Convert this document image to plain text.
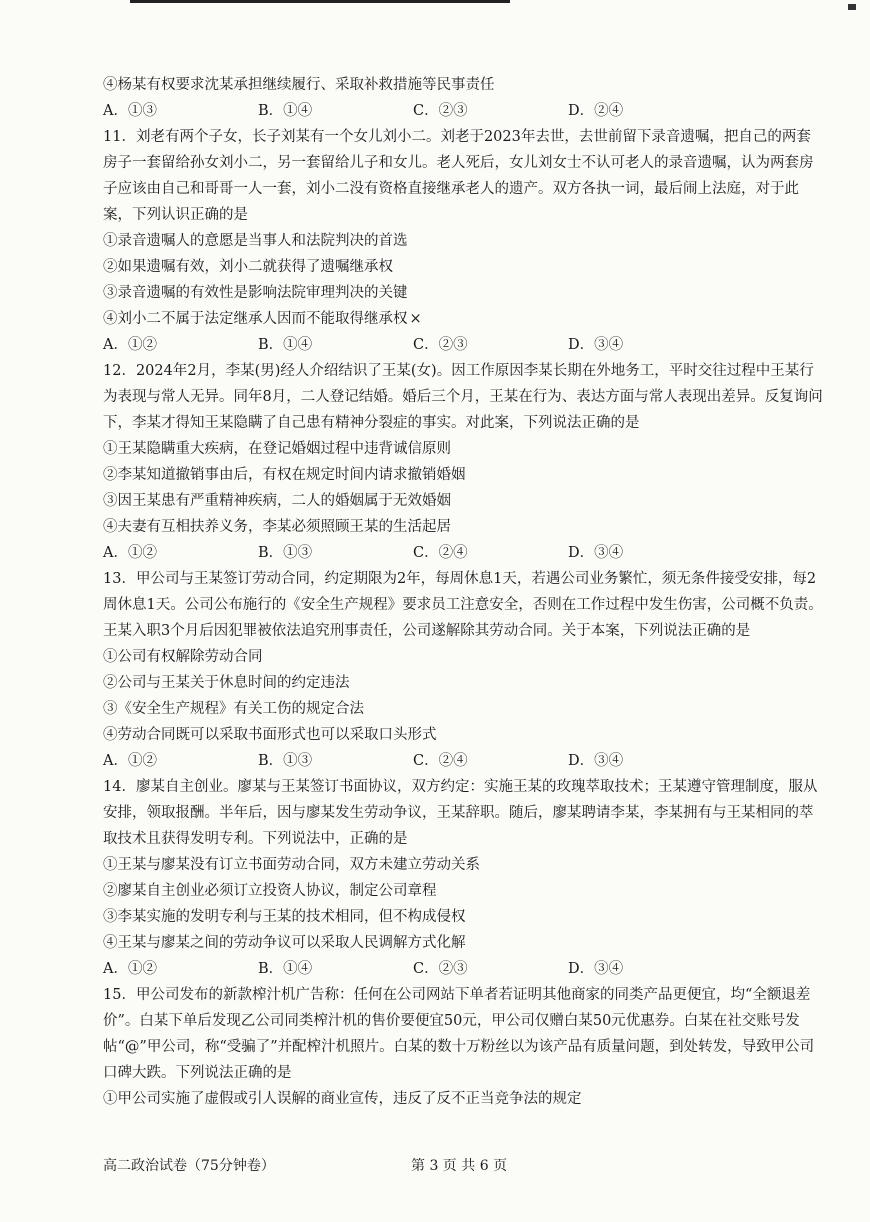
④杨某有权要求沈某承担继续履行、采取补救措施等民事责任
A．①③	B．①④	C．②③	D．②④
11．刘老有两个子女，长子刘某有一个女儿刘小二。刘老于2023年去世，去世前留下录音遗嘱，把自己的两套房子一套留给孙女刘小二，另一套留给儿子和女儿。老人死后，女儿刘女士不认可老人的录音遗嘱，认为两套房子应该由自己和哥哥一人一套，刘小二没有资格直接继承老人的遗产。双方各执一词，最后闹上法庭，对于此案，下列认识正确的是
①录音遗嘱人的意愿是当事人和法院判决的首选
②如果遗嘱有效，刘小二就获得了遗嘱继承权
③录音遗嘱的有效性是影响法院审理判决的关键
④刘小二不属于法定继承人因而不能取得继承权 ×
A．①②	B．①④	C．②③	D．③④
12．2024年2月，李某(男)经人介绍结识了王某(女)。因工作原因李某长期在外地务工，平时交往过程中王某行为表现与常人无异。同年8月，二人登记结婚。婚后三个月，王某在行为、表达方面与常人表现出差异。反复询问下，李某才得知王某隐瞒了自己患有精神分裂症的事实。对此案，下列说法正确的是
①王某隐瞒重大疾病，在登记婚姻过程中违背诚信原则
②李某知道撤销事由后，有权在规定时间内请求撤销婚姻
③因王某患有严重精神疾病，二人的婚姻属于无效婚姻
④夫妻有互相扶养义务，李某必须照顾王某的生活起居
A．①②	B．①③	C．②④	D．③④
13．甲公司与王某签订劳动合同，约定期限为2年，每周休息1天，若遇公司业务繁忙，须无条件接受安排，每2周休息1天。公司公布施行的《安全生产规程》要求员工注意安全，否则在工作过程中发生伤害，公司概不负责。王某入职3个月后因犯罪被依法追究刑事责任，公司遂解除其劳动合同。关于本案，下列说法正确的是
①公司有权解除劳动合同
②公司与王某关于休息时间的约定违法
③《安全生产规程》有关工伤的规定合法
④劳动合同既可以采取书面形式也可以采取口头形式
A．①②	B．①③	C．②④	D．③④
14．廖某自主创业。廖某与王某签订书面协议，双方约定：实施王某的玫瑰萃取技术；王某遵守管理制度，服从安排，领取报酬。半年后，因与廖某发生劳动争议，王某辞职。随后，廖某聘请李某，李某拥有与王某相同的萃取技术且获得发明专利。下列说法中，正确的是
①王某与廖某没有订立书面劳动合同，双方未建立劳动关系
②廖某自主创业必须订立投资人协议，制定公司章程
③李某实施的发明专利与王某的技术相同，但不构成侵权
④王某与廖某之间的劳动争议可以采取人民调解方式化解
A．①②	B．①④	C．②③	D．③④
15．甲公司发布的新款榨汁机广告称：任何在公司网站下单者若证明其他商家的同类产品更便宜，均“全额退差价”。白某下单后发现乙公司同类榨汁机的售价要便宜50元，甲公司仅赠白某50元优惠券。白某在社交账号发帖“@”甲公司，称“受骗了”并配榨汁机照片。白某的数十万粉丝以为该产品有质量问题，到处转发，导致甲公司口碑大跌。下列说法正确的是
①甲公司实施了虚假或引人误解的商业宣传，违反了反不正当竞争法的规定
高二政治试卷（75分钟卷）	第 3 页 共 6 页
